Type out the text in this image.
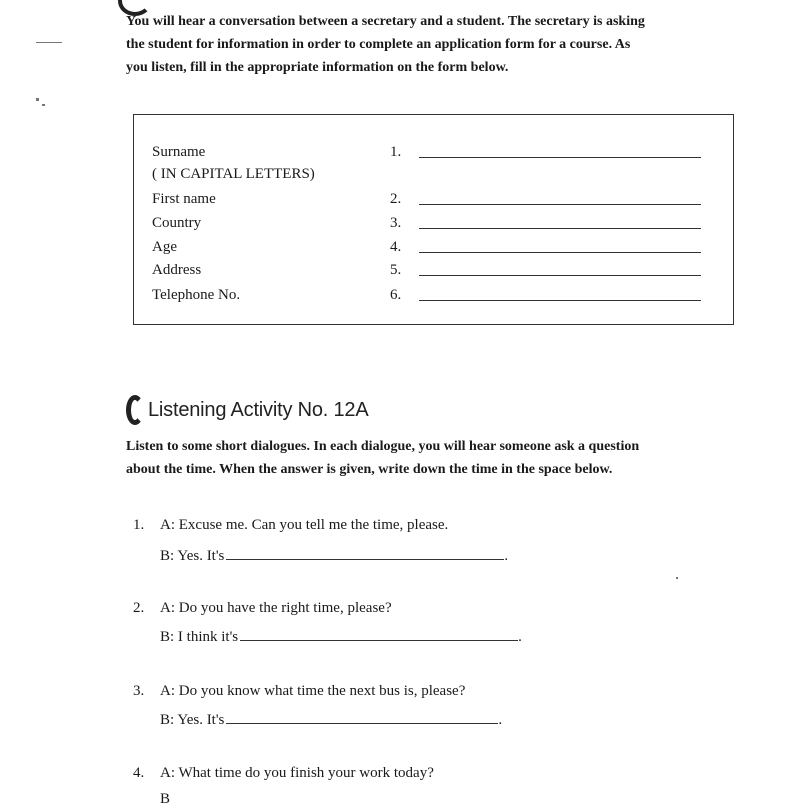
You will hear a conversation between a secretary and a student. The secretary is asking
the student for information in order to complete an application form for a course. As
you listen, fill in the appropriate information on the form below.
Surname	1.
( IN CAPITAL LETTERS)
First name	2.
Country	3.
Age	4.
Address	5.
Telephone No.	6.
Listening Activity No. 12A
Listen to some short dialogues. In each dialogue, you will hear someone ask a question
about the time. When the answer is given, write down the time in the space below.
1. A: Excuse me. Can you tell me the time, please.
B: Yes. It's	.
2. A: Do you have the right time, please?
B: I think it's	.
3. A: Do you know what time the next bus is, please?
B: Yes. It's	.
4. A: What time do you finish your work today?
B
